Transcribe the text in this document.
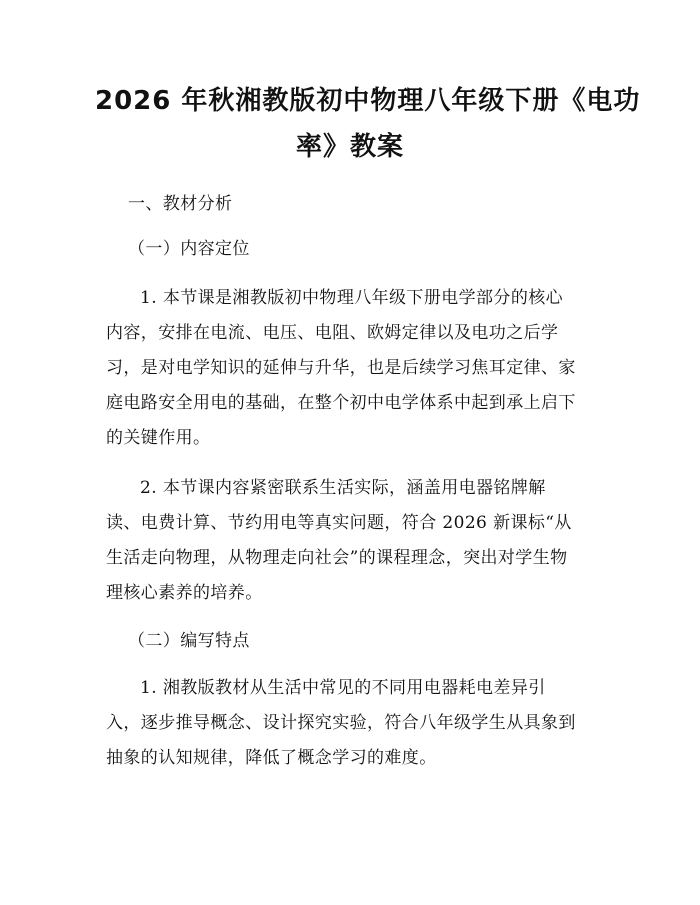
2026 年秋湘教版初中物理八年级下册《电功
率》教案
一、教材分析
（一）内容定位
1. 本节课是湘教版初中物理八年级下册电学部分的核心
内容，安排在电流、电压、电阻、欧姆定律以及电功之后学
习，是对电学知识的延伸与升华，也是后续学习焦耳定律、家
庭电路安全用电的基础，在整个初中电学体系中起到承上启下
的关键作用。
2. 本节课内容紧密联系生活实际，涵盖用电器铭牌解
读、电费计算、节约用电等真实问题，符合 2026 新课标“从
生活走向物理，从物理走向社会”的课程理念，突出对学生物
理核心素养的培养。
（二）编写特点
1. 湘教版教材从生活中常见的不同用电器耗电差异引
入，逐步推导概念、设计探究实验，符合八年级学生从具象到
抽象的认知规律，降低了概念学习的难度。
